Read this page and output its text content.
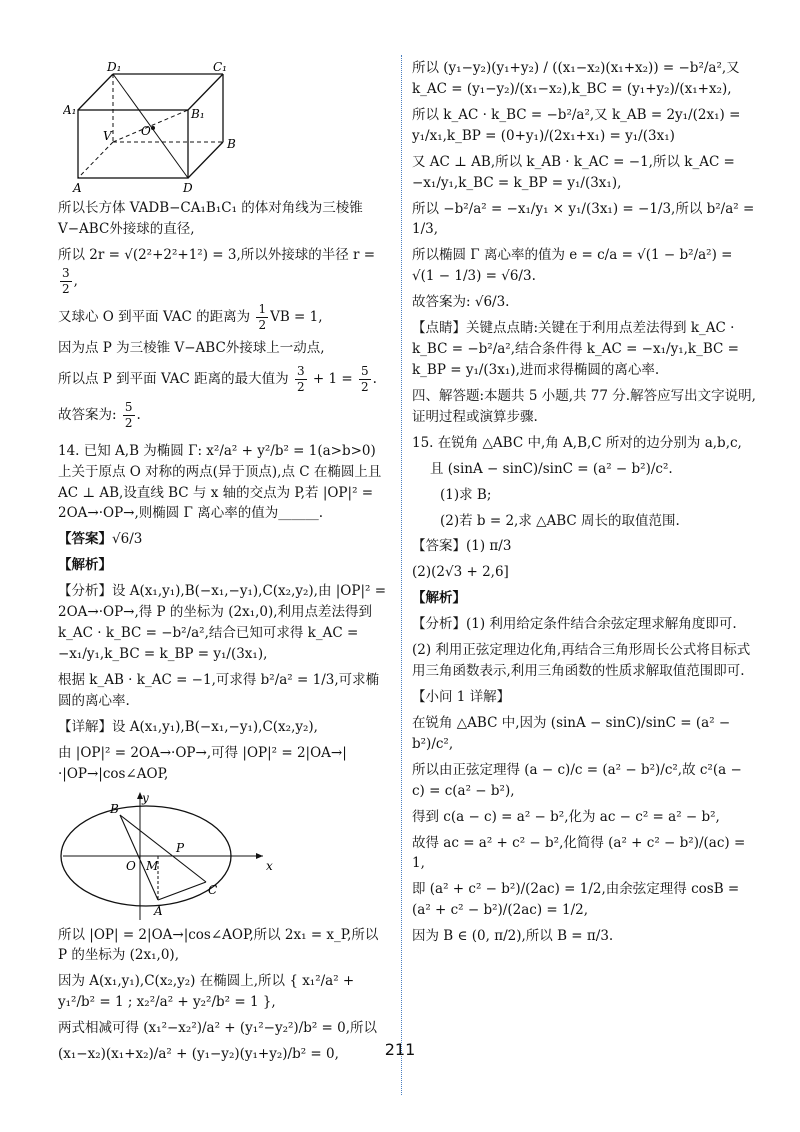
D₁	C₁
A₁	B₁
V O
B
A	D

所以长方体 VADB−CA₁B₁C₁ 的体对角线为三棱锥 V−ABC外接球的直径,

所以 2r = √(2²+2²+1²) = 3,所以外接球的半径 r =
$\frac{3}{2}$ ,

又球心 O 到平面 VAC 的距离为 $\frac{1}{2}$ VB = 1,

因为点 P 为三棱锥 V−ABC外接球上一动点,

所以点 P 到平面 VAC 距离的最大值为 $\frac{3}{2} + 1 = \frac{5}{2}$ .

故答案为: $\frac{5}{2}$ .

14. 已知 A,B 为椭圆 Γ: x²/a² + y²/b² = 1(a>b>0) 上关于原点 O 对称的两点(异于顶点),点 C 在椭圆上且 AC ⊥ AB,设直线 BC 与 x 轴的交点为 P,若 |OP|² = 2OA→·OP→,则椭圆 Γ 离心率的值为______.

【答案】√6/3

【解析】

【分析】设 A(x₁,y₁),B(−x₁,−y₁),C(x₂,y₂),由 |OP|² = 2OA→·OP→,得 P 的坐标为 (2x₁,0),利用点差法得到 k_AC · k_BC = −b²/a²,结合已知可求得 k_AC = −x₁/y₁,k_BC = k_BP = y₁/(3x₁),

根据 k_AB · k_AC = −1,可求得 b²/a² = 1/3,可求椭圆的离心率.

【详解】设 A(x₁,y₁),B(−x₁,−y₁),C(x₂,y₂),

由 |OP|² = 2OA→·OP→,可得 |OP|² = 2|OA→|·|OP→|cos∠AOP,

y
B
P
O M	x
C
A

所以 |OP| = 2|OA→|cos∠AOP,所以 2x₁ = x_P,所以 P 的坐标为 (2x₁,0),

因为 A(x₁,y₁),C(x₂,y₂) 在椭圆上,所以 { x₁²/a² + y₁²/b² = 1 ; x₂²/a² + y₂²/b² = 1 },

两式相减可得 (x₁²−x₂²)/a² + (y₁²−y₂²)/b² = 0,所以

(x₁−x₂)(x₁+x₂)/a² + (y₁−y₂)(y₁+y₂)/b² = 0,

所以 (y₁−y₂)(y₁+y₂) / ((x₁−x₂)(x₁+x₂)) = −b²/a²,又 k_AC = (y₁−y₂)/(x₁−x₂),k_BC = (y₁+y₂)/(x₁+x₂),

所以 k_AC · k_BC = −b²/a²,又 k_AB = 2y₁/(2x₁) = y₁/x₁,k_BP = (0+y₁)/(2x₁+x₁) = y₁/(3x₁)

又 AC ⊥ AB,所以 k_AB · k_AC = −1,所以 k_AC = −x₁/y₁,k_BC = k_BP = y₁/(3x₁),

所以 −b²/a² = −x₁/y₁ × y₁/(3x₁) = −1/3,所以 b²/a² = 1/3,

所以椭圆 Γ 离心率的值为 e = c/a = √(1 − b²/a²) = √(1 − 1/3) = √6/3.

故答案为: √6/3.

【点睛】关键点点睛:关键在于利用点差法得到 k_AC · k_BC = −b²/a²,结合条件得 k_AC = −x₁/y₁,k_BC = k_BP = y₁/(3x₁),进而求得椭圆的离心率.

四、解答题:本题共 5 小题,共 77 分.解答应写出文字说明,证明过程或演算步骤.

15. 在锐角 △ABC 中,角 A,B,C 所对的边分别为 a,b,c,

且 (sinA − sinC)/sinC = (a² − b²)/c².

(1)求 B;

(2)若 b = 2,求 △ABC 周长的取值范围.

【答案】(1) π/3

(2)(2√3 + 2,6]

【解析】

【分析】(1) 利用给定条件结合余弦定理求解角度即可.

(2) 利用正弦定理边化角,再结合三角形周长公式将目标式用三角函数表示,利用三角函数的性质求解取值范围即可.

【小问 1 详解】

在锐角 △ABC 中,因为 (sinA − sinC)/sinC = (a² − b²)/c²,

所以由正弦定理得 (a − c)/c = (a² − b²)/c²,故 c²(a − c) = c(a² − b²),

得到 c(a − c) = a² − b²,化为 ac − c² = a² − b²,

故得 ac = a² + c² − b²,化简得 (a² + c² − b²)/(ac) = 1,

即 (a² + c² − b²)/(2ac) = 1/2,由余弦定理得 cosB = (a² + c² − b²)/(2ac) = 1/2,

因为 B ∈ (0, π/2),所以 B = π/3.

211
